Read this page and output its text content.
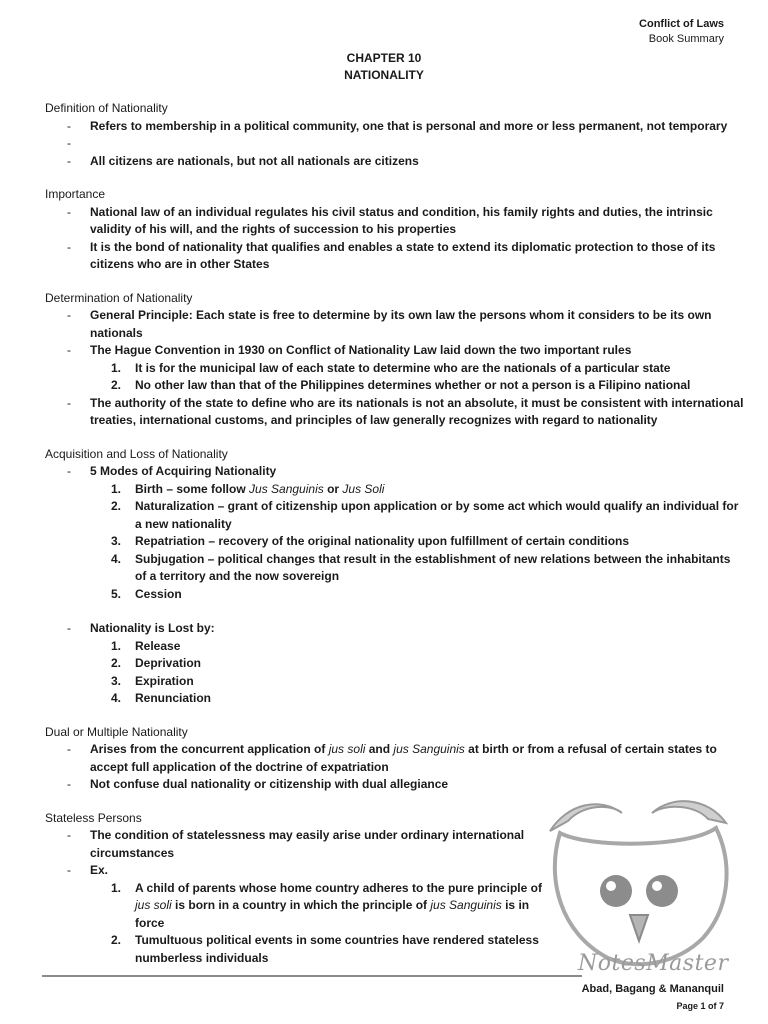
Conflict of Laws
Book Summary
CHAPTER 10
NATIONALITY
Definition of Nationality
- Refers to membership in a political community, one that is personal and more or less permanent, not temporary
-
- All citizens are nationals, but not all nationals are citizens
Importance
- National law of an individual regulates his civil status and condition, his family rights and duties, the intrinsic validity of his will, and the rights of succession to his properties
- It is the bond of nationality that qualifies and enables a state to extend its diplomatic protection to those of its citizens who are in other States
Determination of Nationality
- General Principle: Each state is free to determine by its own law the persons whom it considers to be its own nationals
- The Hague Convention in 1930 on Conflict of Nationality Law laid down the two important rules
1. It is for the municipal law of each state to determine who are the nationals of a particular state
2. No other law than that of the Philippines determines whether or not a person is a Filipino national
- The authority of the state to define who are its nationals is not an absolute, it must be consistent with international treaties, international customs, and principles of law generally recognizes with regard to nationality
Acquisition and Loss of Nationality
- 5 Modes of Acquiring Nationality
1. Birth – some follow Jus Sanguinis or Jus Soli
2. Naturalization – grant of citizenship upon application or by some act which would qualify an individual for a new nationality
3. Repatriation – recovery of the original nationality upon fulfillment of certain conditions
4. Subjugation – political changes that result in the establishment of new relations between the inhabitants of a territory and the now sovereign
5. Cession
- Nationality is Lost by:
1. Release
2. Deprivation
3. Expiration
4. Renunciation
Dual or Multiple Nationality
- Arises from the concurrent application of jus soli and jus Sanguinis at birth or from a refusal of certain states to accept full application of the doctrine of expatriation
- Not confuse dual nationality or citizenship with dual allegiance
Stateless Persons
- The condition of statelessness may easily arise under ordinary international circumstances
- Ex.
1. A child of parents whose home country adheres to the pure principle of jus soli is born in a country in which the principle of jus Sanguinis is in force
2. Tumultuous political events in some countries have rendered stateless numberless individuals	NotesMaster
Abad, Bagang & Mananquil
Page 1 of 7
